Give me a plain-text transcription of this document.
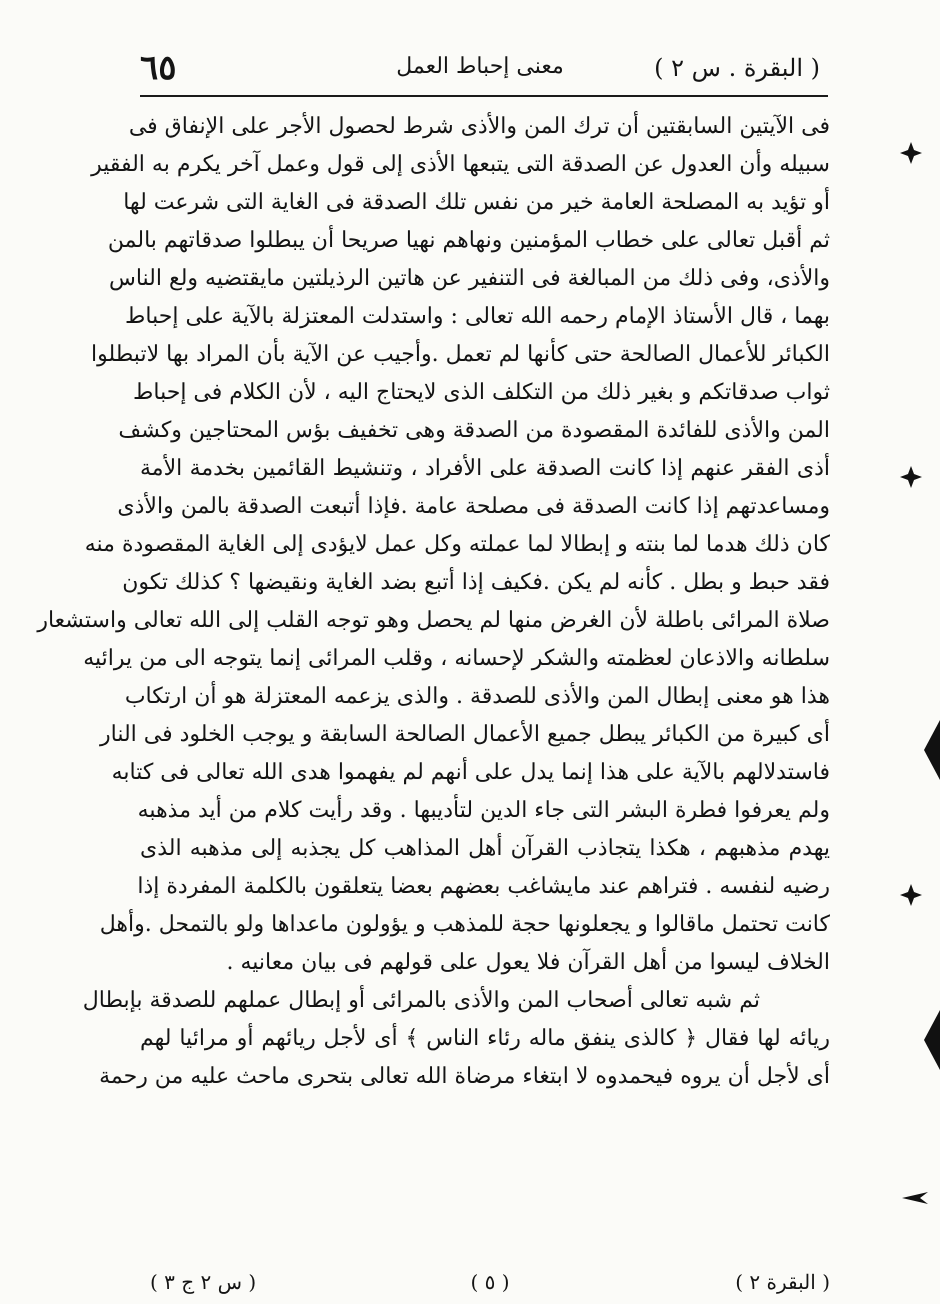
( البقرة . س ٢ )
معنى إحباط العمل
٦٥

فى الآيتين السابقتين أن ترك المن والأذى شرط لحصول الأجر على الإنفاق فى
سبيله وأن العدول عن الصدقة التى يتبعها الأذى إلى قول وعمل آخر يكرم به الفقير
أو تؤيد به المصلحة العامة خير من نفس تلك الصدقة فى الغاية التى شرعت لها
ثم أقبل تعالى على خطاب المؤمنين ونهاهم نهيا صريحا أن يبطلوا صدقاتهم بالمن
والأذى، وفى ذلك من المبالغة فى التنفير عن هاتين الرذيلتين مايقتضيه ولع الناس
بهما ، قال الأستاذ الإمام رحمه الله تعالى : واستدلت المعتزلة بالآية على إحباط
الكبائر للأعمال الصالحة حتى كأنها لم تعمل .وأجيب عن الآية بأن المراد بها لاتبطلوا
ثواب صدقاتكم و بغير ذلك من التكلف الذى لايحتاج اليه ، لأن الكلام فى إحباط
المن والأذى للفائدة المقصودة من الصدقة وهى تخفيف بؤس المحتاجين وكشف
أذى الفقر عنهم إذا كانت الصدقة على الأفراد ، وتنشيط القائمين بخدمة الأمة
ومساعدتهم إذا كانت الصدقة فى مصلحة عامة .فإذا أتبعت الصدقة بالمن والأذى
كان ذلك هدما لما بنته و إبطالا لما عملته وكل عمل لايؤدى إلى الغاية المقصودة منه
فقد حبط و بطل . كأنه لم يكن .فكيف إذا أتبع بضد الغاية ونقيضها ؟ كذلك تكون
صلاة المرائى باطلة لأن الغرض منها لم يحصل وهو توجه القلب إلى الله تعالى واستشعار
سلطانه والاذعان لعظمته والشكر لإحسانه ، وقلب المرائى إنما يتوجه الى من يرائيه
هذا هو معنى إبطال المن والأذى للصدقة . والذى يزعمه المعتزلة هو أن ارتكاب
أى كبيرة من الكبائر يبطل جميع الأعمال الصالحة السابقة و يوجب الخلود فى النار
فاستدلالهم بالآية على هذا إنما يدل على أنهم لم يفهموا هدى الله تعالى فى كتابه
ولم يعرفوا فطرة البشر التى جاء الدين لتأديبها . وقد رأيت كلام من أيد مذهبه
يهدم مذهبهم ، هكذا يتجاذب القرآن أهل المذاهب كل يجذبه إلى مذهبه الذى
رضيه لنفسه . فتراهم عند مايشاغب بعضهم بعضا يتعلقون بالكلمة المفردة إذا
كانت تحتمل ماقالوا و يجعلونها حجة للمذهب و يؤولون ماعداها ولو بالتمحل .وأهل
الخلاف ليسوا من أهل القرآن فلا يعول على قولهم فى بيان معانيه .

ثم شبه تعالى أصحاب المن والأذى بالمرائى أو إبطال عملهم للصدقة بإبطال
ريائه لها فقال ﴿ كالذى ينفق ماله رئاء الناس ﴾ أى لأجل ريائهم أو مرائيا لهم
أى لأجل أن يروه فيحمدوه لا ابتغاء مرضاة الله تعالى بتحرى ماحث عليه من رحمة

( البقرة ٢ )
( ٥ )
( س ٢ ج ٣ )
